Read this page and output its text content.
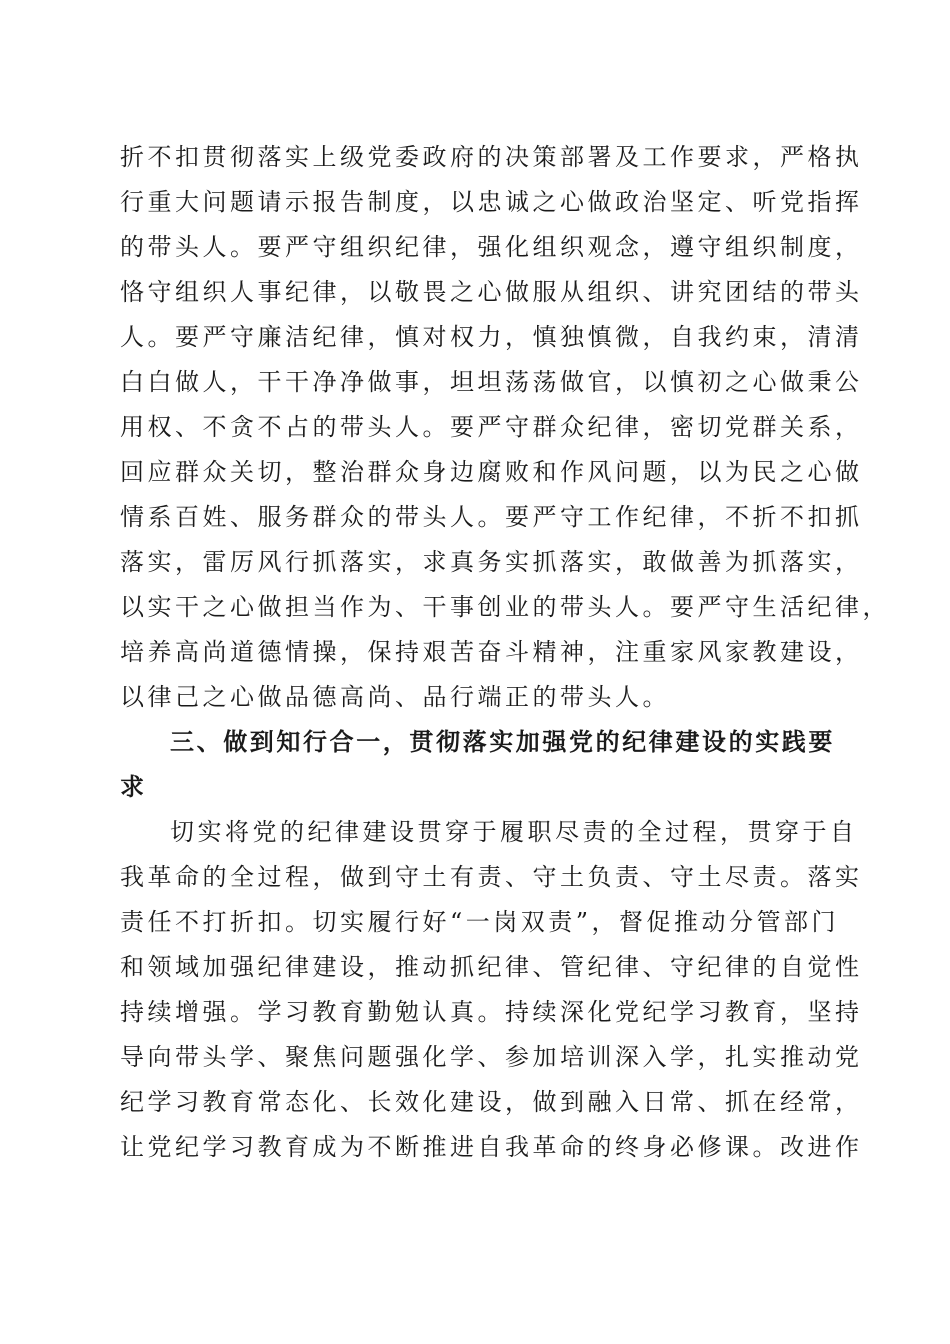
折不扣贯彻落实上级党委政府的决策部署及工作要求，严格执
行重大问题请示报告制度，以忠诚之心做政治坚定、听党指挥
的带头人。要严守组织纪律，强化组织观念，遵守组织制度，
恪守组织人事纪律，以敬畏之心做服从组织、讲究团结的带头
人。要严守廉洁纪律，慎对权力，慎独慎微，自我约束，清清
白白做人，干干净净做事，坦坦荡荡做官，以慎初之心做秉公
用权、不贪不占的带头人。要严守群众纪律，密切党群关系，
回应群众关切，整治群众身边腐败和作风问题，以为民之心做
情系百姓、服务群众的带头人。要严守工作纪律，不折不扣抓
落实，雷厉风行抓落实，求真务实抓落实，敢做善为抓落实，
以实干之心做担当作为、干事创业的带头人。要严守生活纪律，
培养高尚道德情操，保持艰苦奋斗精神，注重家风家教建设，
以律己之心做品德高尚、品行端正的带头人。
三、做到知行合一，贯彻落实加强党的纪律建设的实践要
求
切实将党的纪律建设贯穿于履职尽责的全过程，贯穿于自
我革命的全过程，做到守土有责、守土负责、守土尽责。落实
责任不打折扣。切实履行好“一岗双责”，督促推动分管部门
和领域加强纪律建设，推动抓纪律、管纪律、守纪律的自觉性
持续增强。学习教育勤勉认真。持续深化党纪学习教育，坚持
导向带头学、聚焦问题强化学、参加培训深入学，扎实推动党
纪学习教育常态化、长效化建设，做到融入日常、抓在经常，
让党纪学习教育成为不断推进自我革命的终身必修课。改进作
